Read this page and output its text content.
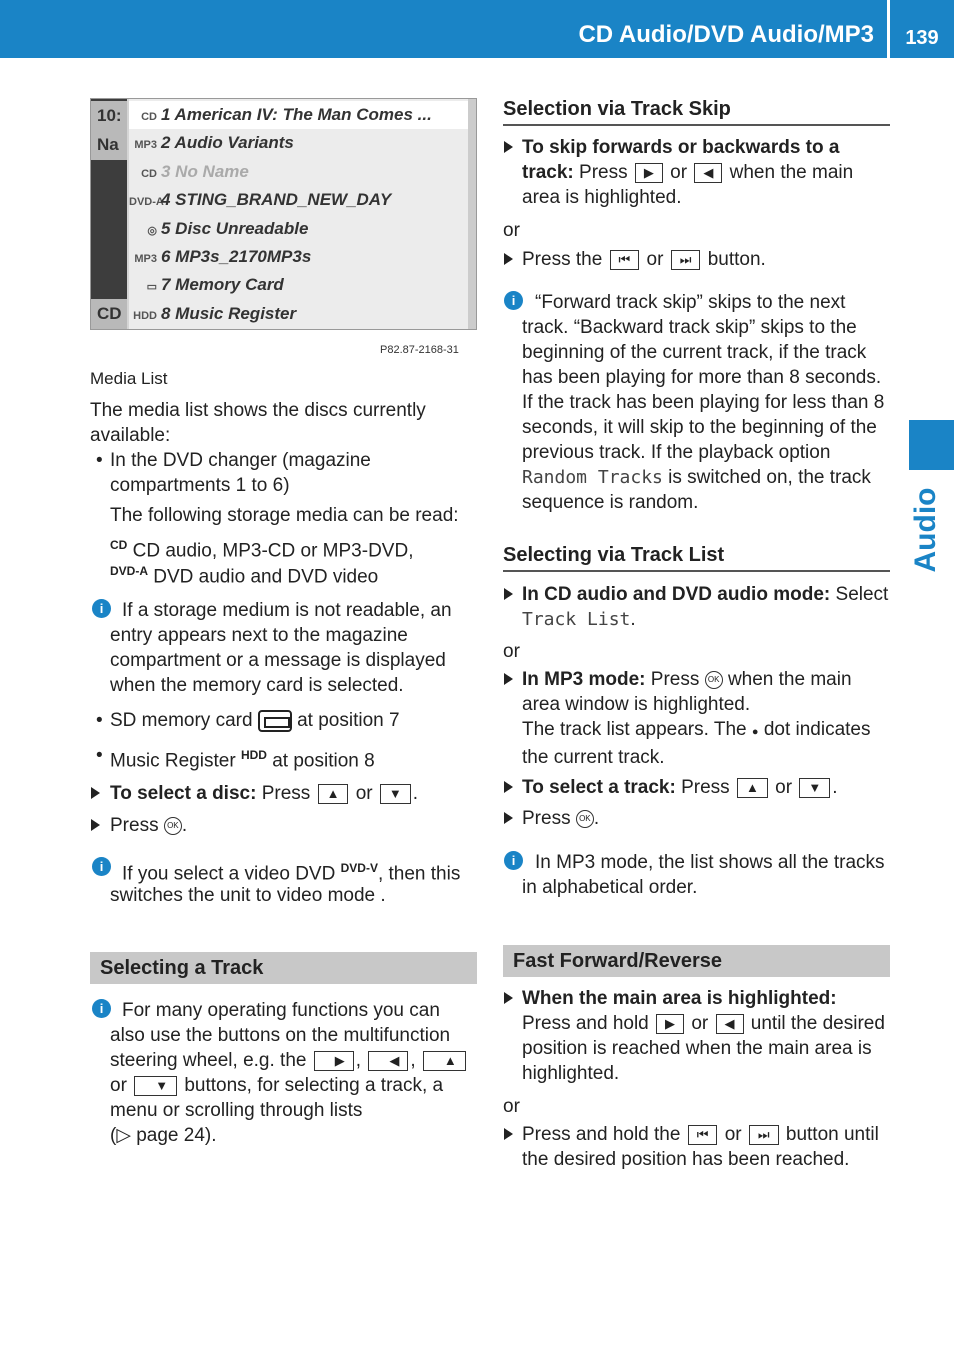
CD Audio/DVD Audio/MP3	139
Audio
10:
Na
CD
CD 1 American IV: The Man Comes ...
MP3 2 Audio Variants
CD 3 No Name
DVD-A4 STING_BRAND_NEW_DAY
◎ 5 Disc Unreadable
MP3 6 MP3s_2170MP3s
▭ 7 Memory Card
HDD 8 Music Register
P82.87-2168-31
Media List
The media list shows the discs currently available:
• In the DVD changer (magazine compartments 1 to 6)
The following storage media can be read:
$^{CD}$ CD audio, MP3-CD or MP3-DVD,
$^{DVD-A}$ DVD audio and DVD video
i If a storage medium is not readable, an entry appears next to the magazine compartment or a message is displayed when the memory card is selected.
• SD memory card at position 7
• Music Register $^{HDD}$ at position 8
To select a disc: Press ▲ or ▼ .
Press OK .
i If you select a video DVD $^{DVD-V}$, then this
switches the unit to video mode .
Selecting a Track
i For many operating functions you can also use the buttons on the multifunction steering wheel, e.g. the ▶ , ◀ , ▲ or ▼ buttons, for selecting a track, a menu or scrolling through lists
(▷ page 24).
Selection via Track Skip
To skip forwards or backwards to a track: Press ▶ or ◀ when the main area is highlighted.
or
Press the ⏮ or ⏭ button.
i	“Forward track skip” skips to the next track. “Backward track skip” skips to the beginning of the current track, if the track has been playing for more than 8 seconds. If the track has been playing for less than 8 seconds, it will skip to the beginning of the previous track. If the playback option Random Tracks is switched on, the track sequence is random.
Selecting via Track List
In CD audio and DVD audio mode: Select Track List.
or
In MP3 mode: Press OK when the main area window is highlighted.
The track list appears. The ● dot indicates the current track.
To select a track: Press ▲ or ▼ .
Press OK .
i	In MP3 mode, the list shows all the tracks in alphabetical order.
Fast Forward/Reverse
When the main area is highlighted:
Press and hold ▶ or ◀ until the desired position is reached when the main area is highlighted.
or
Press and hold the ⏮ or ⏭ button until the desired position has been reached.
